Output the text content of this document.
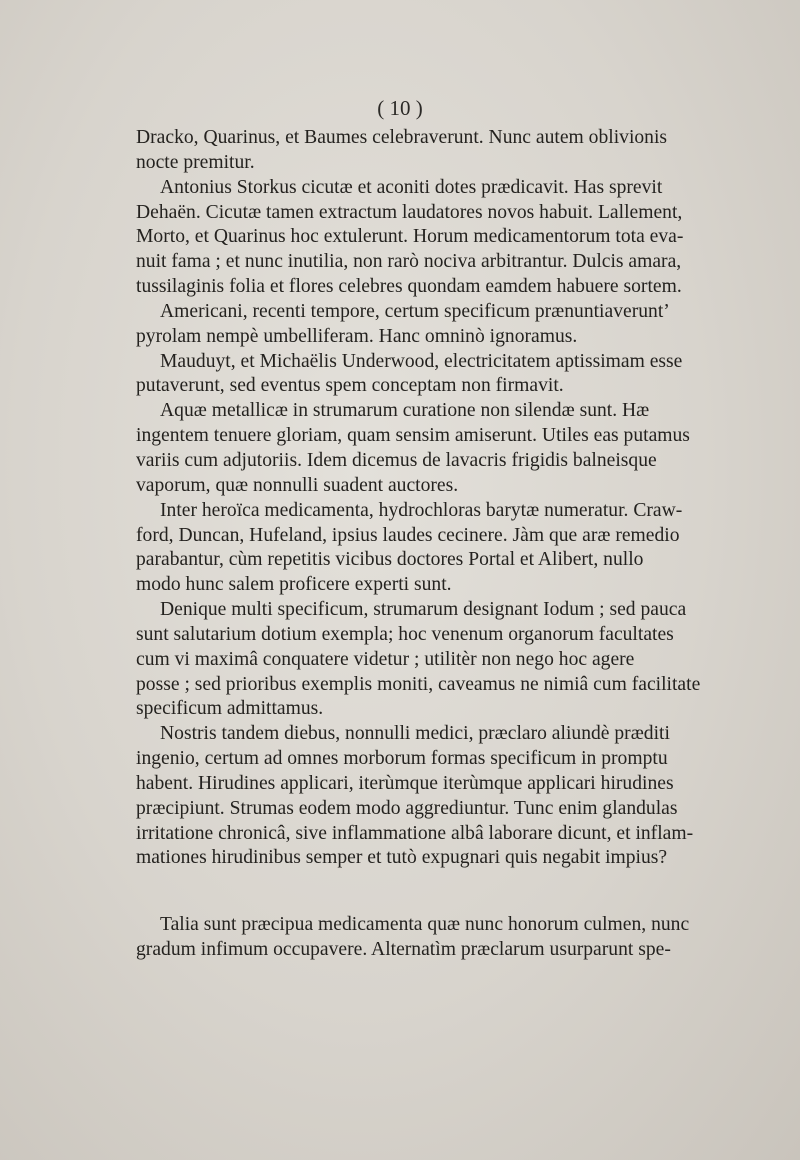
( 10 )

Dracko, Quarinus, et Baumes celebraverunt. Nunc autem oblivionis
nocte premitur.

Antonius Storkus cicutæ et aconiti dotes prædicavit. Has sprevit
Dehaën. Cicutæ tamen extractum laudatores novos habuit. Lallement,
Morto, et Quarinus hoc extulerunt. Horum medicamentorum tota eva-
nuit fama ; et nunc inutilia, non rarò nociva arbitrantur. Dulcis amara,
tussilaginis folia et flores celebres quondam eamdem habuere sortem.

Americani, recenti tempore, certum specificum prænuntiaverunt’
pyrolam nempè umbelliferam. Hanc omninò ignoramus.

Mauduyt, et Michaëlis Underwood, electricitatem aptissimam esse
putaverunt, sed eventus spem conceptam non firmavit.

Aquæ metallicæ in strumarum curatione non silendæ sunt. Hæ
ingentem tenuere gloriam, quam sensim amiserunt. Utiles eas putamus
variis cum adjutoriis. Idem dicemus de lavacris frigidis balneisque
vaporum, quæ nonnulli suadent auctores.

Inter heroïca medicamenta, hydrochloras barytæ numeratur. Craw-
ford, Duncan, Hufeland, ipsius laudes cecinere. Jàm que aræ remedio
parabantur, cùm repetitis vicibus doctores Portal et Alibert, nullo
modo hunc salem proficere experti sunt.

Denique multi specificum, strumarum designant Iodum ; sed pauca
sunt salutarium dotium exempla; hoc venenum organorum facultates
cum vi maximâ conquatere videtur ; utilitèr non nego hoc agere
posse ; sed prioribus exemplis moniti, caveamus ne nimiâ cum facilitate
specificum admittamus.

Nostris tandem diebus, nonnulli medici, præclaro aliundè præditi
ingenio, certum ad omnes morborum formas specificum in promptu
habent. Hirudines applicari, iterùmque iterùmque applicari hirudines
præcipiunt. Strumas eodem modo aggrediuntur. Tunc enim glandulas
irritatione chronicâ, sive inflammatione albâ laborare dicunt, et inflam-
mationes hirudinibus semper et tutò expugnari quis negabit impius?

Talia sunt præcipua medicamenta quæ nunc honorum culmen, nunc
gradum infimum occupavere. Alternatìm præclarum usurparunt spe-
